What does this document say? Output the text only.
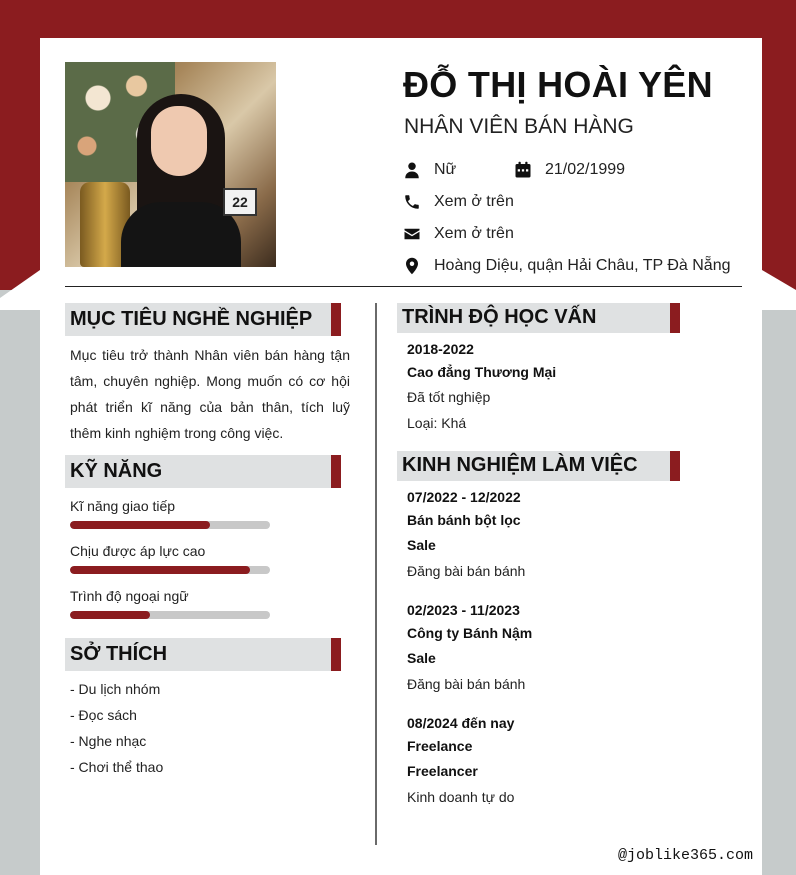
22
ĐỖ THỊ HOÀI YÊN
NHÂN VIÊN BÁN HÀNG
Nữ	21/02/1999
Xem ở trên
Xem ở trên
Hoàng Diệu, quận Hải Châu, TP Đà Nẵng
MỤC TIÊU NGHỀ NGHIỆP
Mục tiêu trở thành Nhân viên bán hàng tận tâm, chuyên nghiệp. Mong muốn có cơ hội phát triển kĩ năng của bản thân, tích luỹ thêm kinh nghiệm trong công việc.
KỸ NĂNG
Kĩ năng giao tiếp
Chịu được áp lực cao
Trình độ ngoại ngữ
SỞ THÍCH
- Du lịch nhóm
- Đọc sách
- Nghe nhạc
- Chơi thể thao
TRÌNH ĐỘ HỌC VẤN
2018-2022
Cao đẳng Thương Mại
Đã tốt nghiệp
Loại: Khá
KINH NGHIỆM LÀM VIỆC
07/2022 - 12/2022
Bán bánh bột lọc
Sale
Đăng bài bán bánh
02/2023 - 11/2023
Công ty Bánh Nậm
Sale
Đăng bài bán bánh
08/2024 đến nay
Freelance
Freelancer
Kinh doanh tự do
@joblike365.com
